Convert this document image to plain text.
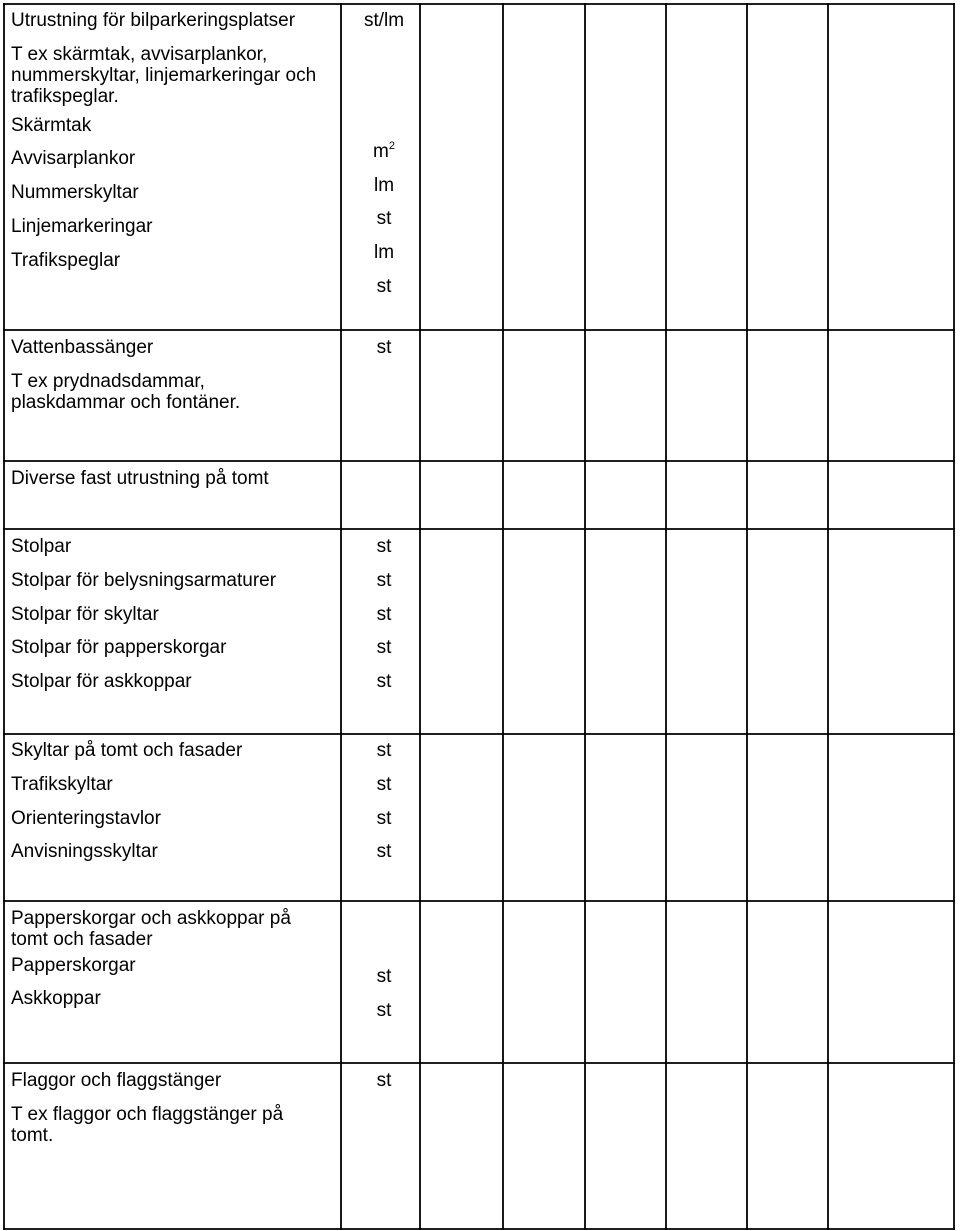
Utrustning för bilparkeringsplatser
T ex skärmtak, avvisarplankor, nummerskyltar, linjemarkeringar och trafikspeglar.
Skärmtak
Avvisarplankor
Nummerskyltar
Linjemarkeringar
Trafikspeglar
st/lm
$m^2$
lm
st
lm
st
Vattenbassänger
T ex prydnadsdammar, plaskdammar och fontäner.
st
Diverse fast utrustning på tomt
Stolpar
Stolpar för belysningsarmaturer
Stolpar för skyltar
Stolpar för papperskorgar
Stolpar för askkoppar
st
st
st
st
st
Skyltar på tomt och fasader
Trafikskyltar
Orienteringstavlor
Anvisningsskyltar
st
st
st
st
Papperskorgar och askkoppar på tomt och fasader
Papperskorgar
Askkoppar
st
st
Flaggor och flaggstänger
T ex flaggor och flaggstänger på tomt.
st
